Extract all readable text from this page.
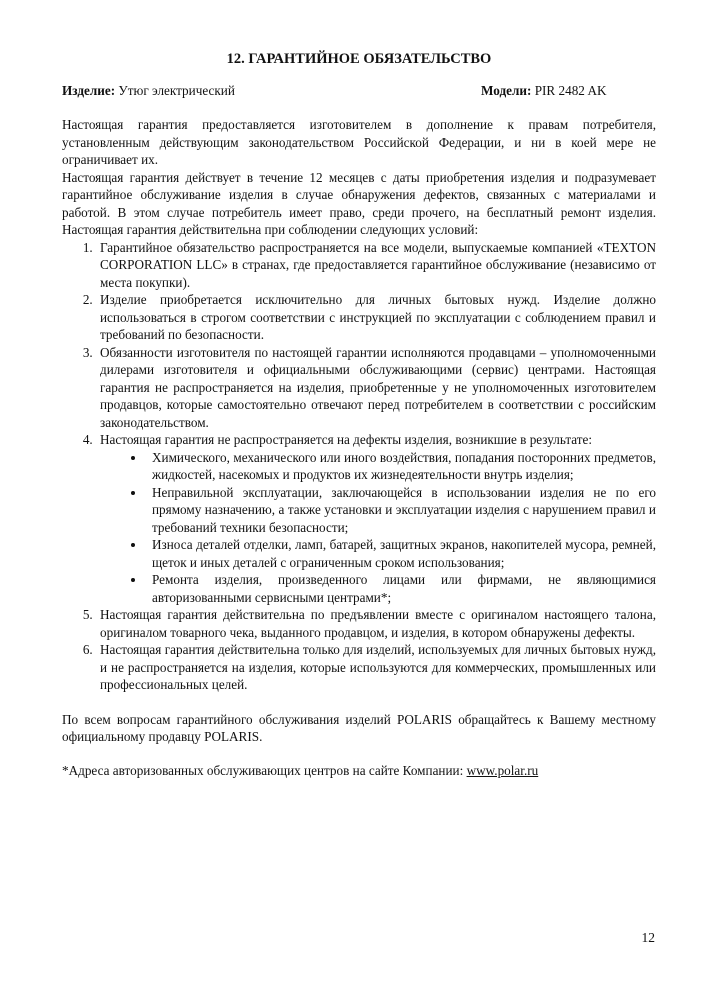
12. ГАРАНТИЙНОЕ ОБЯЗАТЕЛЬСТВО
Изделие: Утюг электрический	Модели: PIR 2482 AK

Настоящая гарантия предоставляется изготовителем в дополнение к правам потребителя, установленным действующим законодательством Российской Федерации, и ни в коей мере не ограничивает их.

Настоящая гарантия действует в течение 12 месяцев с даты приобретения изделия и подразумевает гарантийное обслуживание изделия в случае обнаружения дефектов, связанных с материалами и работой. В этом случае потребитель имеет право, среди прочего, на бесплатный ремонт изделия. Настоящая гарантия действительна при соблюдении следующих условий:

1. Гарантийное обязательство распространяется на все модели, выпускаемые компанией «TEXTON CORPORATION LLC» в странах, где предоставляется гарантийное обслуживание (независимо от места покупки).
2. Изделие приобретается исключительно для личных бытовых нужд. Изделие должно использоваться в строгом соответствии с инструкцией по эксплуатации с соблюдением правил и требований по безопасности.
3. Обязанности изготовителя по настоящей гарантии исполняются продавцами – уполномоченными дилерами изготовителя и официальными обслуживающими (сервис) центрами. Настоящая гарантия не распространяется на изделия, приобретенные у не уполномоченных изготовителем продавцов, которые самостоятельно отвечают перед потребителем в соответствии с российским законодательством.
4. Настоящая гарантия не распространяется на дефекты изделия, возникшие в результате:
• Химического, механического или иного воздействия, попадания посторонних предметов, жидкостей, насекомых и продуктов их жизнедеятельности внутрь изделия;
• Неправильной эксплуатации, заключающейся в использовании изделия не по его прямому назначению, а также установки и эксплуатации изделия с нарушением правил и требований техники безопасности;
• Износа деталей отделки, ламп, батарей, защитных экранов, накопителей мусора, ремней, щеток и иных деталей с ограниченным сроком использования;
• Ремонта изделия, произведенного лицами или фирмами, не являющимися авторизованными сервисными центрами*;
5. Настоящая гарантия действительна по предъявлении вместе с оригиналом настоящего талона, оригиналом товарного чека, выданного продавцом, и изделия, в котором обнаружены дефекты.
6. Настоящая гарантия действительна только для изделий, используемых для личных бытовых нужд, и не распространяется на изделия, которые используются для коммерческих, промышленных или профессиональных целей.

По всем вопросам гарантийного обслуживания изделий POLARIS обращайтесь к Вашему местному официальному продавцу POLARIS.

*Адреса авторизованных обслуживающих центров на сайте Компании: www.polar.ru

12
